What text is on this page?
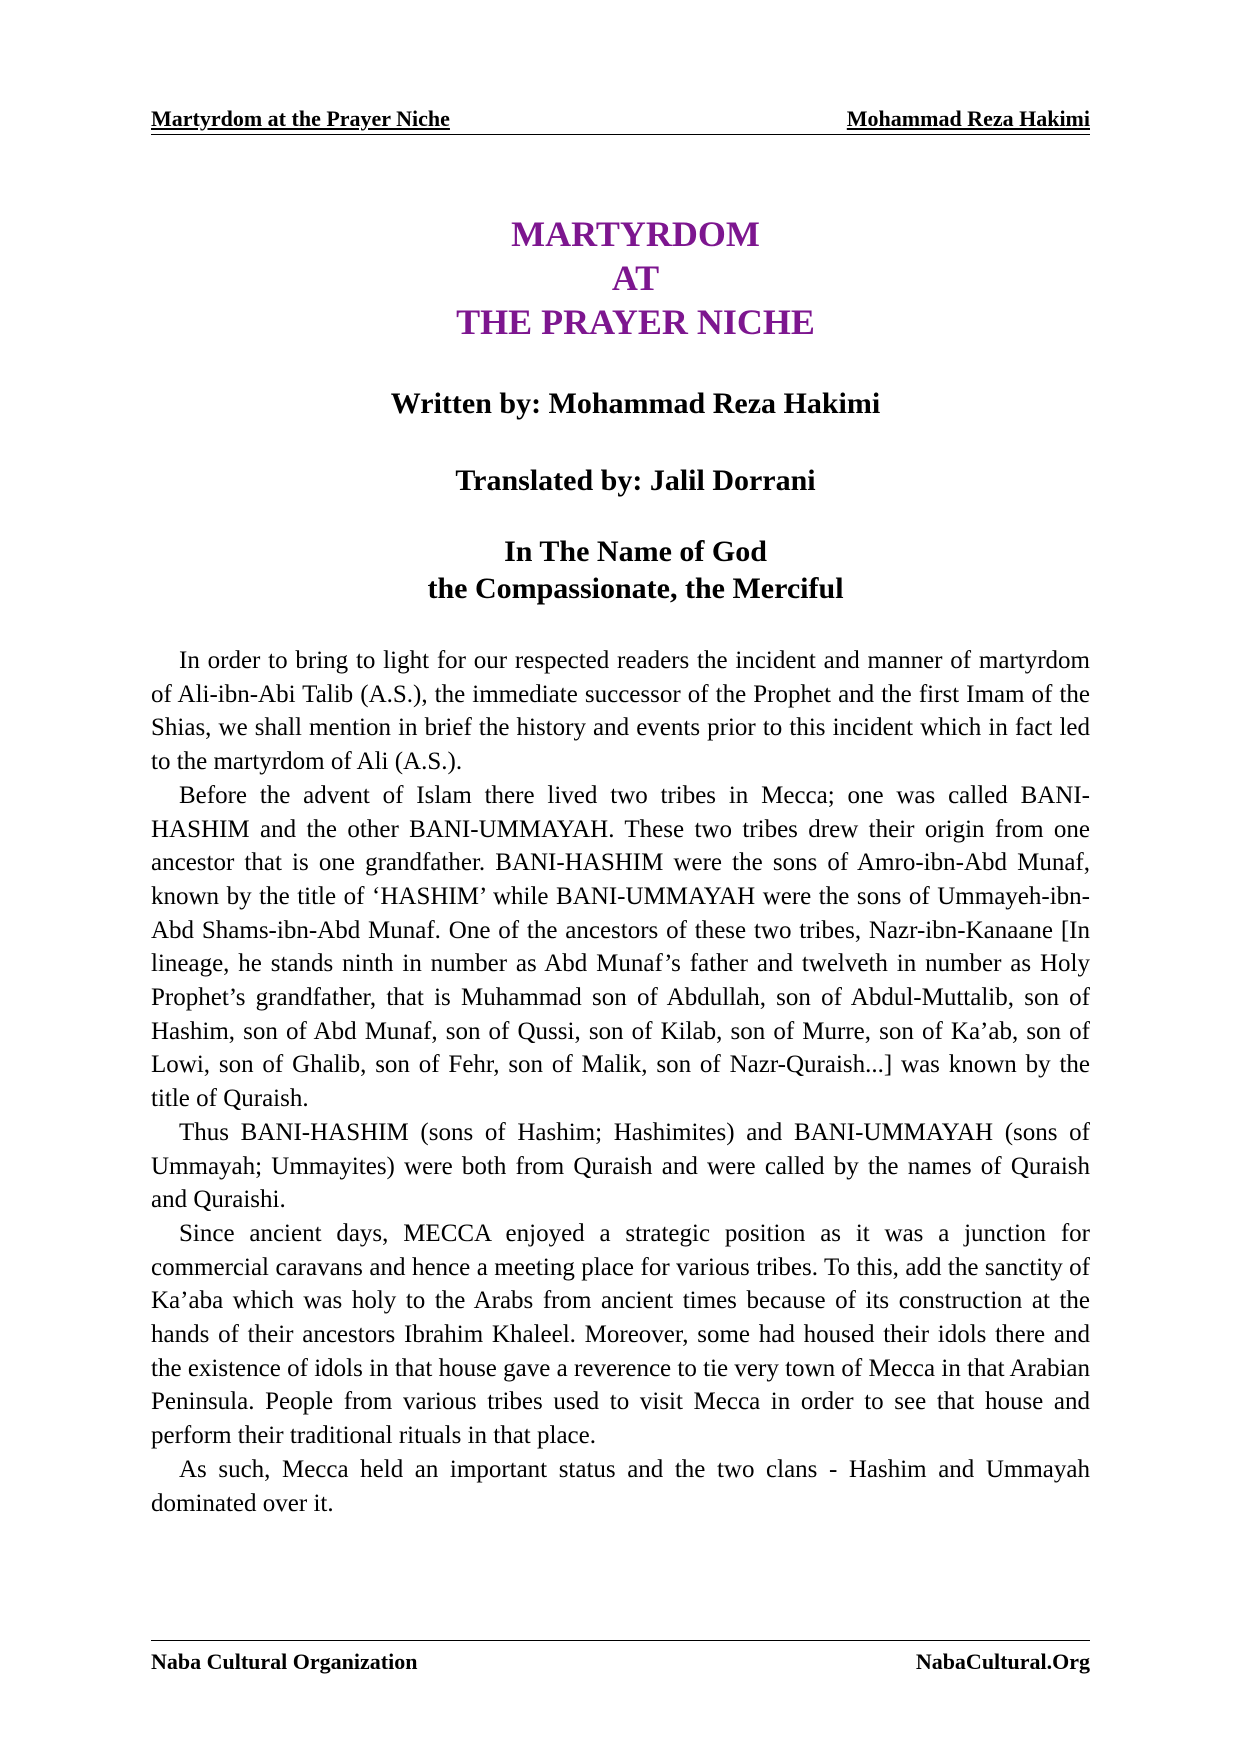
Martyrdom at the Prayer Niche	Mohammad Reza Hakimi
MARTYRDOM
AT
THE PRAYER NICHE
Written by: Mohammad Reza Hakimi
Translated by: Jalil Dorrani
In The Name of God
the Compassionate, the Merciful

In order to bring to light for our respected readers the incident and manner of martyrdom of Ali-ibn-Abi Talib (A.S.), the immediate successor of the Prophet and the first Imam of the Shias, we shall mention in brief the history and events prior to this incident which in fact led to the martyrdom of Ali (A.S.).

Before the advent of Islam there lived two tribes in Mecca; one was called BANI-HASHIM and the other BANI-UMMAYAH. These two tribes drew their origin from one ancestor that is one grandfather. BANI-HASHIM were the sons of Amro-ibn-Abd Munaf, known by the title of ‘HASHIM’ while BANI-UMMAYAH were the sons of Ummayeh-ibn-Abd Shams-ibn-Abd Munaf. One of the ancestors of these two tribes, Nazr-ibn-Kanaane [In lineage, he stands ninth in number as Abd Munaf’s father and twelveth in number as Holy Prophet’s grandfather, that is Muhammad son of Abdullah, son of Abdul-Muttalib, son of Hashim, son of Abd Munaf, son of Qussi, son of Kilab, son of Murre, son of Ka’ab, son of Lowi, son of Ghalib, son of Fehr, son of Malik, son of Nazr-Quraish...] was known by the title of Quraish.

Thus BANI-HASHIM (sons of Hashim; Hashimites) and BANI-UMMAYAH (sons of Ummayah; Ummayites) were both from Quraish and were called by the names of Quraish and Quraishi.

Since ancient days, MECCA enjoyed a strategic position as it was a junction for commercial caravans and hence a meeting place for various tribes. To this, add the sanctity of Ka’aba which was holy to the Arabs from ancient times because of its construction at the hands of their ancestors Ibrahim Khaleel. Moreover, some had housed their idols there and the existence of idols in that house gave a reverence to tie very town of Mecca in that Arabian Peninsula. People from various tribes used to visit Mecca in order to see that house and perform their traditional rituals in that place.

As such, Mecca held an important status and the two clans - Hashim and Ummayah dominated over it.

Naba Cultural Organization	NabaCultural.Org
